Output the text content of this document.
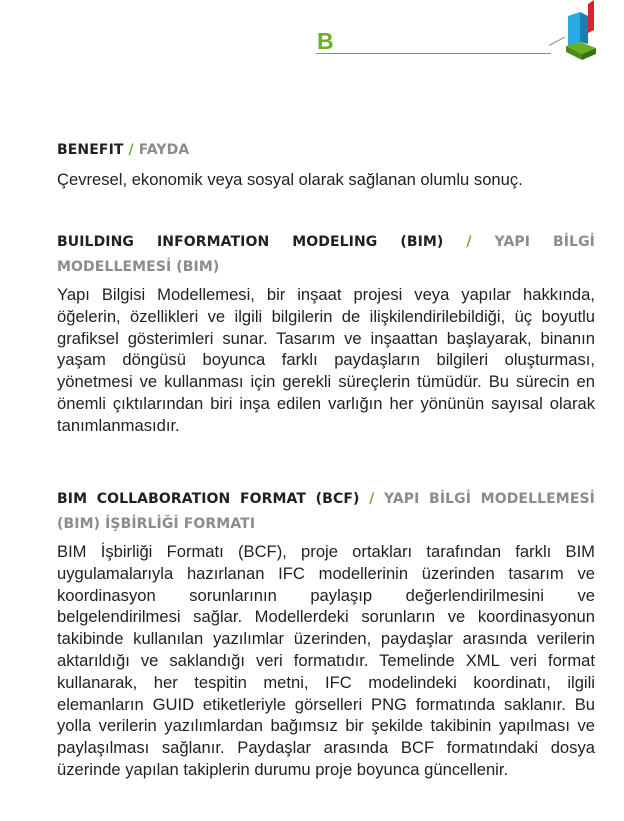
B
BENEFIT / FAYDA
Çevresel, ekonomik veya sosyal olarak sağlanan olumlu sonuç.
BUILDING INFORMATION MODELING (BIM) / YAPI BİLGİ MODELLEMESİ (BIM)
Yapı Bilgisi Modellemesi, bir inşaat projesi veya yapılar hakkında, öğelerin, özellikleri ve ilgili bilgilerin de ilişkilendirilebildiği, üç boyutlu grafiksel gösterimleri sunar. Tasarım ve inşaattan başlayarak, binanın yaşam döngüsü boyunca farklı paydaşların bilgileri oluşturması, yönetmesi ve kullanması için gerekli süreçlerin tümüdür. Bu sürecin en önemli çıktılarından biri inşa edilen varlığın her yönünün sayısal olarak tanımlanmasıdır.
BIM COLLABORATION FORMAT (BCF) / YAPI BİLGİ MODELLEMESİ (BIM) İŞBİRLİĞİ FORMATI
BIM İşbirliği Formatı (BCF), proje ortakları tarafından farklı BIM uygulamalarıyla hazırlanan IFC modellerinin üzerinden tasarım ve koordinasyon sorunlarının paylaşıp değerlendirilmesini ve belgelendirilmesi sağlar. Modellerdeki sorunların ve koordinasyonun takibinde kullanılan yazılımlar üzerinden, paydaşlar arasında verilerin aktarıldığı ve saklandığı veri formatıdır. Temelinde XML veri format kullanarak, her tespitin metni, IFC modelindeki koordinatı, ilgili elemanların GUID etiketleriyle görselleri PNG formatında saklanır. Bu yolla verilerin yazılımlardan bağımsız bir şekilde takibinin yapılması ve paylaşılması sağlanır. Paydaşlar arasında BCF formatındaki dosya üzerinde yapılan takiplerin durumu proje boyunca güncellenir.
